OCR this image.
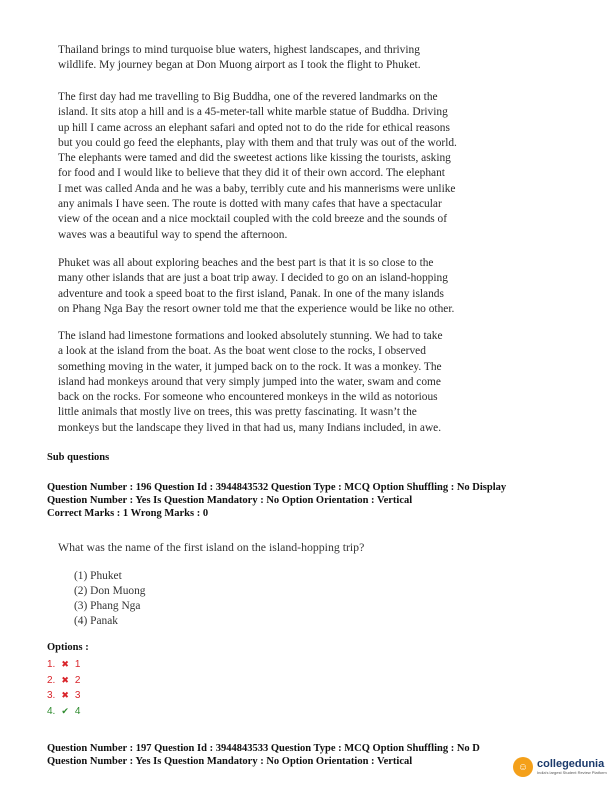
Thailand brings to mind turquoise blue waters, highest landscapes, and thriving
wildlife. My journey began at Don Muong airport as I took the flight to Phuket.
The first day had me travelling to Big Buddha, one of the revered landmarks on the
island. It sits atop a hill and is a 45-meter-tall white marble statue of Buddha. Driving
up hill I came across an elephant safari and opted not to do the ride for ethical reasons
but you could go feed the elephants, play with them and that truly was out of the world.
The elephants were tamed and did the sweetest actions like kissing the tourists, asking
for food and I would like to believe that they did it of their own accord. The elephant
I met was called Anda and he was a baby, terribly cute and his mannerisms were unlike
any animals I have seen. The route is dotted with many cafes that have a spectacular
view of the ocean and a nice mocktail coupled with the cold breeze and the sounds of
waves was a beautiful way to spend the afternoon.
Phuket was all about exploring beaches and the best part is that it is so close to the
many other islands that are just a boat trip away. I decided to go on an island-hopping
adventure and took a speed boat to the first island, Panak. In one of the many islands
on Phang Nga Bay the resort owner told me that the experience would be like no other.
The island had limestone formations and looked absolutely stunning. We had to take
a look at the island from the boat. As the boat went close to the rocks, I observed
something moving in the water, it jumped back on to the rock. It was a monkey. The
island had monkeys around that very simply jumped into the water, swam and come
back on the rocks. For someone who encountered monkeys in the wild as notorious
little animals that mostly live on trees, this was pretty fascinating. It wasn’t the
monkeys but the landscape they lived in that had us, many Indians included, in awe.
Sub questions
Question Number : 196 Question Id : 3944843532 Question Type : MCQ Option Shuffling : No Display
Question Number : Yes Is Question Mandatory : No Option Orientation : Vertical
Correct Marks : 1 Wrong Marks : 0
What was the name of the first island on the island-hopping trip?
(1) Phuket
(2) Don Muong
(3) Phang Nga
(4) Panak
Options :
1. ✖ 1
2. ✖ 2
3. ✖ 3
4. ✔ 4
Question Number : 197 Question Id : 3944843533 Question Type : MCQ Option Shuffling : No D
Question Number : Yes Is Question Mandatory : No Option Orientation : Vertical	☺ collegedunia
India's largest Student Review Platform
